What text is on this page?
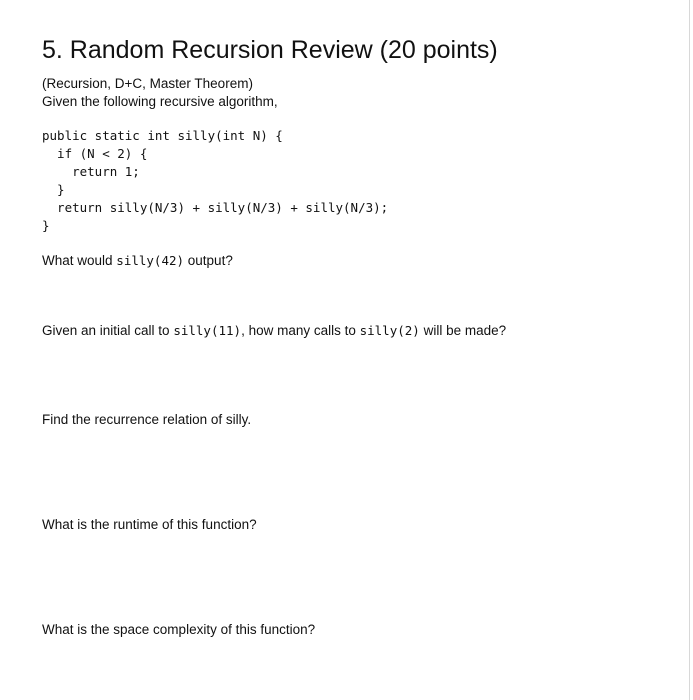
5. Random Recursion Review (20 points)
(Recursion, D+C, Master Theorem)
Given the following recursive algorithm,
public static int silly(int N) {
if (N < 2) {
return 1;
}
return silly(N/3) + silly(N/3) + silly(N/3);
}
What would silly(42) output?
Given an initial call to silly(11), how many calls to silly(2) will be made?
Find the recurrence relation of silly.
What is the runtime of this function?
What is the space complexity of this function?
